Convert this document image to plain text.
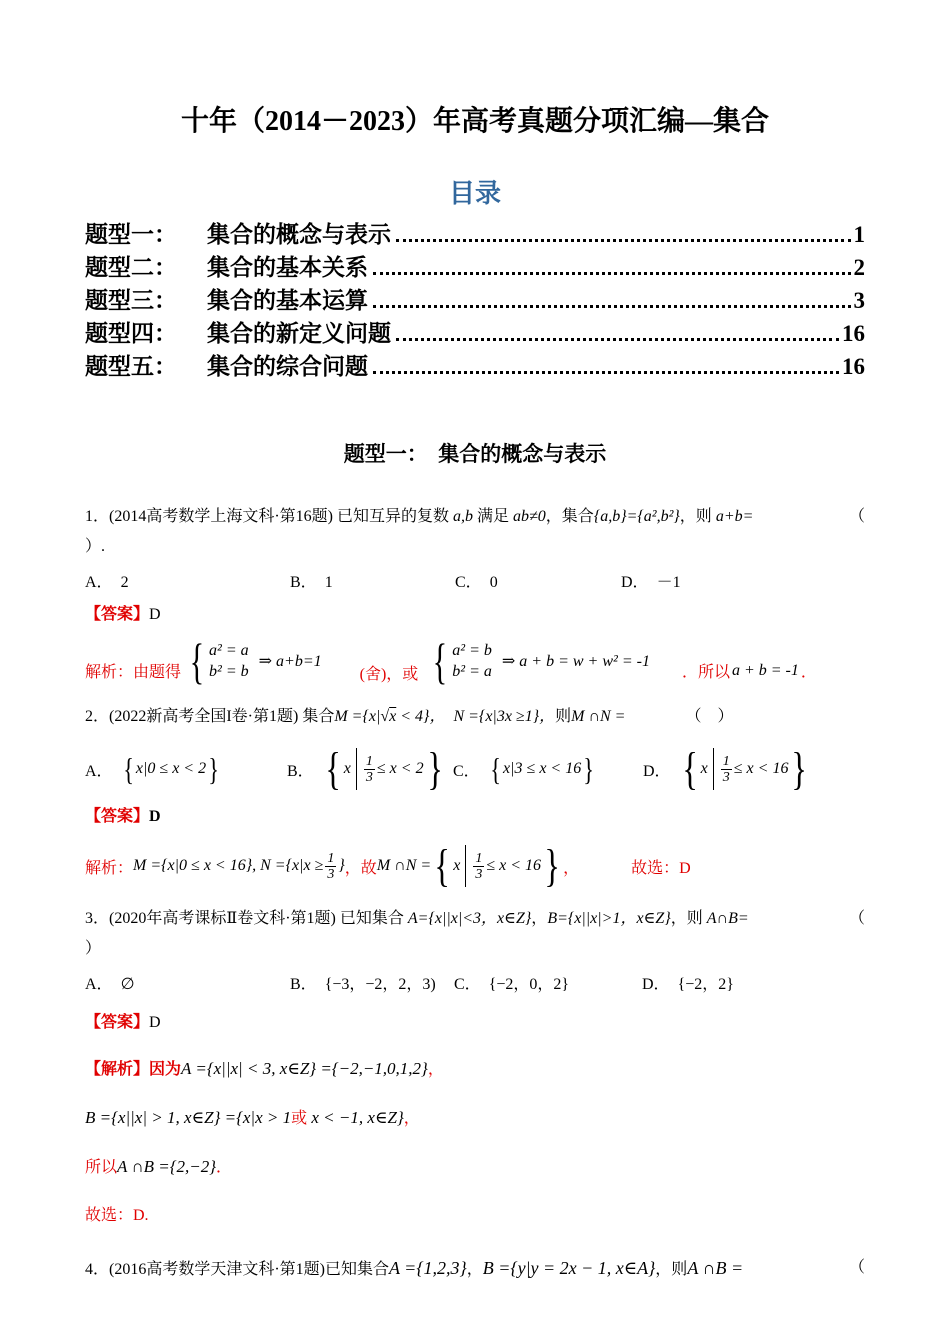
十年（2014－2023）年高考真题分项汇编—集合
目录
题型一：	集合的概念与表示	1
题型二：	集合的基本关系	2
题型三：	集合的基本运算	3
题型四：	集合的新定义问题	16
题型五：	集合的综合问题	16
题型一：　集合的概念与表示

1．(2014高考数学上海文科·第16题) 已知互异的复数 a,b 满足 ab≠0，集合{a,b}={a²,b²}，则 a+b=	（

）.

A． 2	B． 1	C． 0	D． －1
【答案】D
解析：由题得 { a² = a
b² = b
⇒ a+b=1
(舍)，或 { a² = b
b² = a
⇒ a + b = w + w² = -1
．所以 a + b = -1 ．

2．(2022新高考全国I卷·第1题) 集合M ={x|√x < 4}，　N ={x|3x ≥1}，则M ∩N =	（　）

A． { x|0 ≤ x < 2 }	B． { x $\frac{1}{3} \le x < 2$ } C． { x|3 ≤ x < 16 }	D． { x $\frac{1}{3} \le x < 16$ }
【答案】D
解析： M ={x|0 ≤ x < 16}, $N =\{x|x \ge \frac{1}{3}$ } ， 故 M ∩N = { x $\frac{1}{3} \le x < 16$ } ，	故选：D

3．(2020年高考课标Ⅱ卷文科·第1题) 已知集合 A={x||x|<3，x∈Z}，B={x||x|>1，x∈Z}，则 A∩B=	（

）

A． ∅	B． {−3，−2，2，3) C． {−2，0，2}	D． {−2，2}
【答案】D
【解析】因为A ={x||x| < 3, x∈Z} ={−2,−1,0,1,2}，
B ={x||x| > 1, x∈Z} ={x|x > 1或 x < −1, x∈Z}，
所以A ∩B ={2,−2}．
故选：D.

4．(2016高考数学天津文科·第1题)已知集合A ={1,2,3}，B ={y|y = 2x − 1, x∈A}，则A ∩B =	（
